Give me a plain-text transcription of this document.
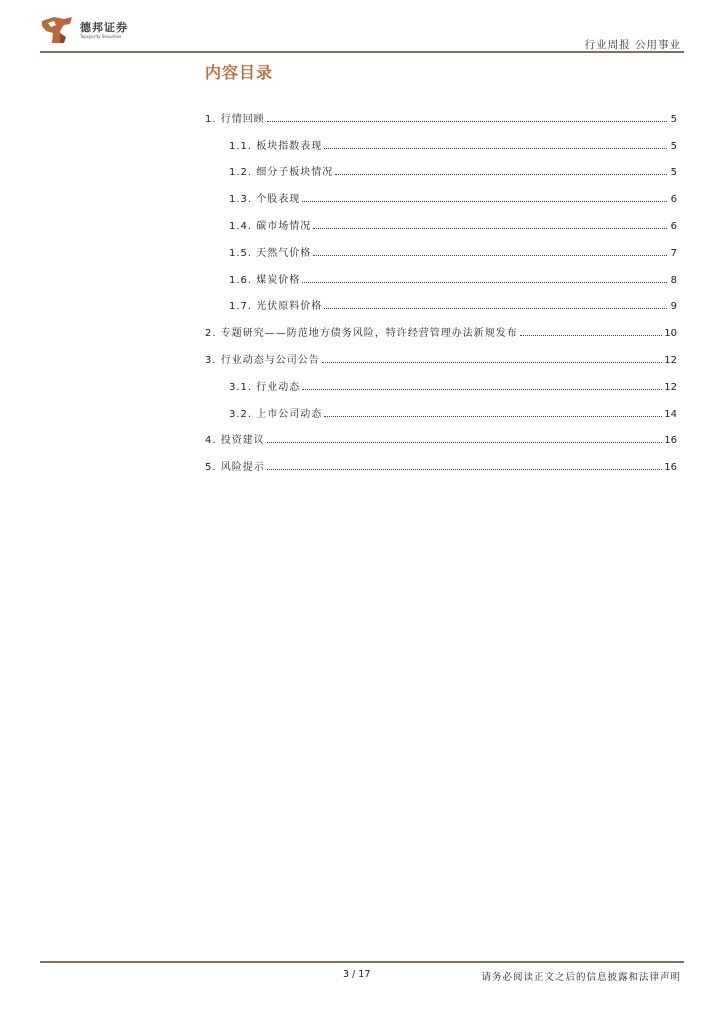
德邦证券
Topsperity Securities
行业周报 公用事业
内容目录
1. 行情回顾	5
1.1. 板块指数表现	5
1.2. 细分子板块情况	5
1.3. 个股表现	6
1.4. 碳市场情况	6
1.5. 天然气价格	7
1.6. 煤炭价格	8
1.7. 光伏原料价格	9
2. 专题研究——防范地方债务风险，特许经营管理办法新规发布	10
3. 行业动态与公司公告	12
3.1. 行业动态	12
3.2. 上市公司动态	14
4. 投资建议	16
5. 风险提示	16
3 / 17	请务必阅读正文之后的信息披露和法律声明
